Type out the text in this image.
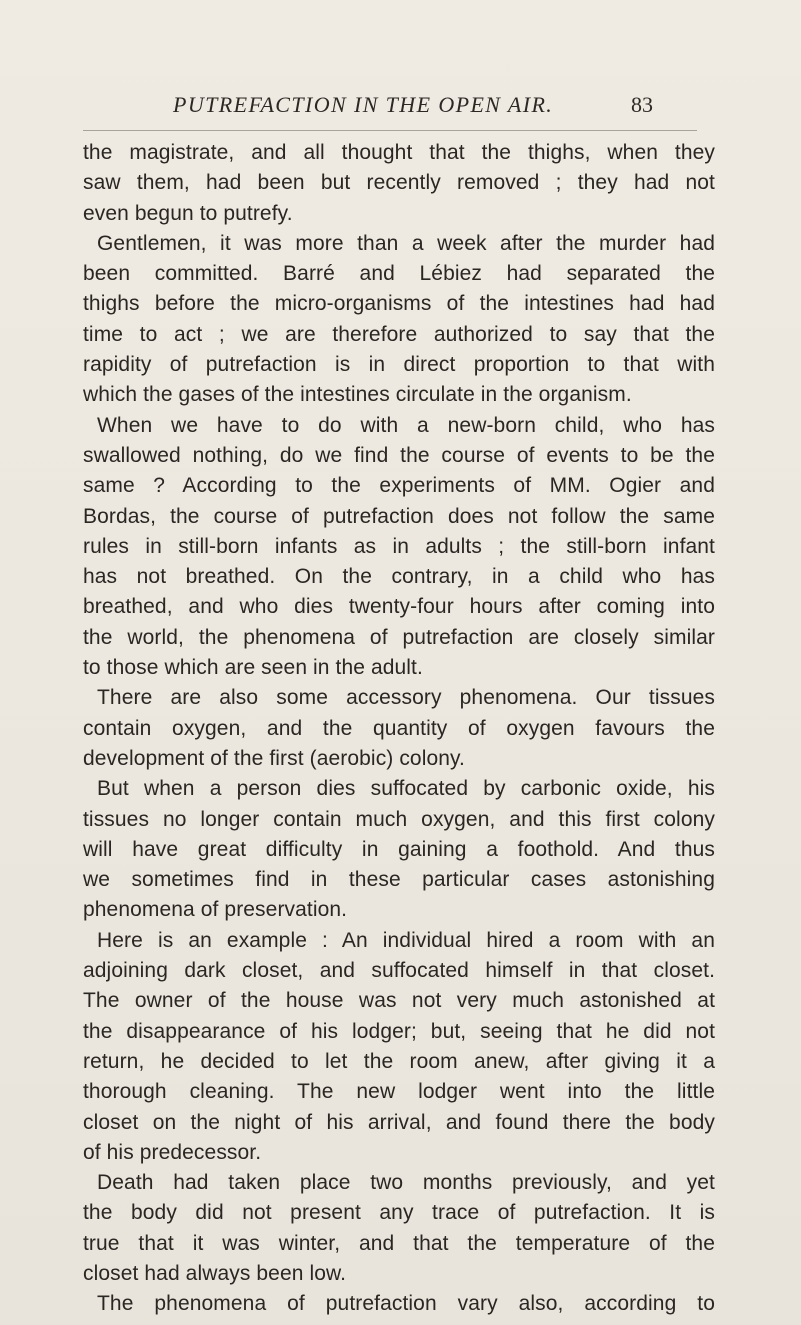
PUTREFACTION IN THE OPEN AIR.	83
the magistrate, and all thought that the thighs, when they
saw them, had been but recently removed ; they had not
even begun to putrefy.
Gentlemen, it was more than a week after the murder had
been committed. Barré and Lébiez had separated the
thighs before the micro-organisms of the intestines had had
time to act ; we are therefore authorized to say that the
rapidity of putrefaction is in direct proportion to that with
which the gases of the intestines circulate in the organism.
When we have to do with a new-born child, who has
swallowed nothing, do we find the course of events to be the
same ? According to the experiments of MM. Ogier and
Bordas, the course of putrefaction does not follow the same
rules in still-born infants as in adults ; the still-born infant
has not breathed. On the contrary, in a child who has
breathed, and who dies twenty-four hours after coming into
the world, the phenomena of putrefaction are closely similar
to those which are seen in the adult.
There are also some accessory phenomena. Our tissues
contain oxygen, and the quantity of oxygen favours the
development of the first (aerobic) colony.
But when a person dies suffocated by carbonic oxide, his
tissues no longer contain much oxygen, and this first colony
will have great difficulty in gaining a foothold. And thus
we sometimes find in these particular cases astonishing
phenomena of preservation.
Here is an example : An individual hired a room with an
adjoining dark closet, and suffocated himself in that closet.
The owner of the house was not very much astonished at
the disappearance of his lodger; but, seeing that he did not
return, he decided to let the room anew, after giving it a
thorough cleaning. The new lodger went into the little
closet on the night of his arrival, and found there the body
of his predecessor.
Death had taken place two months previously, and yet
the body did not present any trace of putrefaction. It is
true that it was winter, and that the temperature of the
closet had always been low.
The phenomena of putrefaction vary also, according to
